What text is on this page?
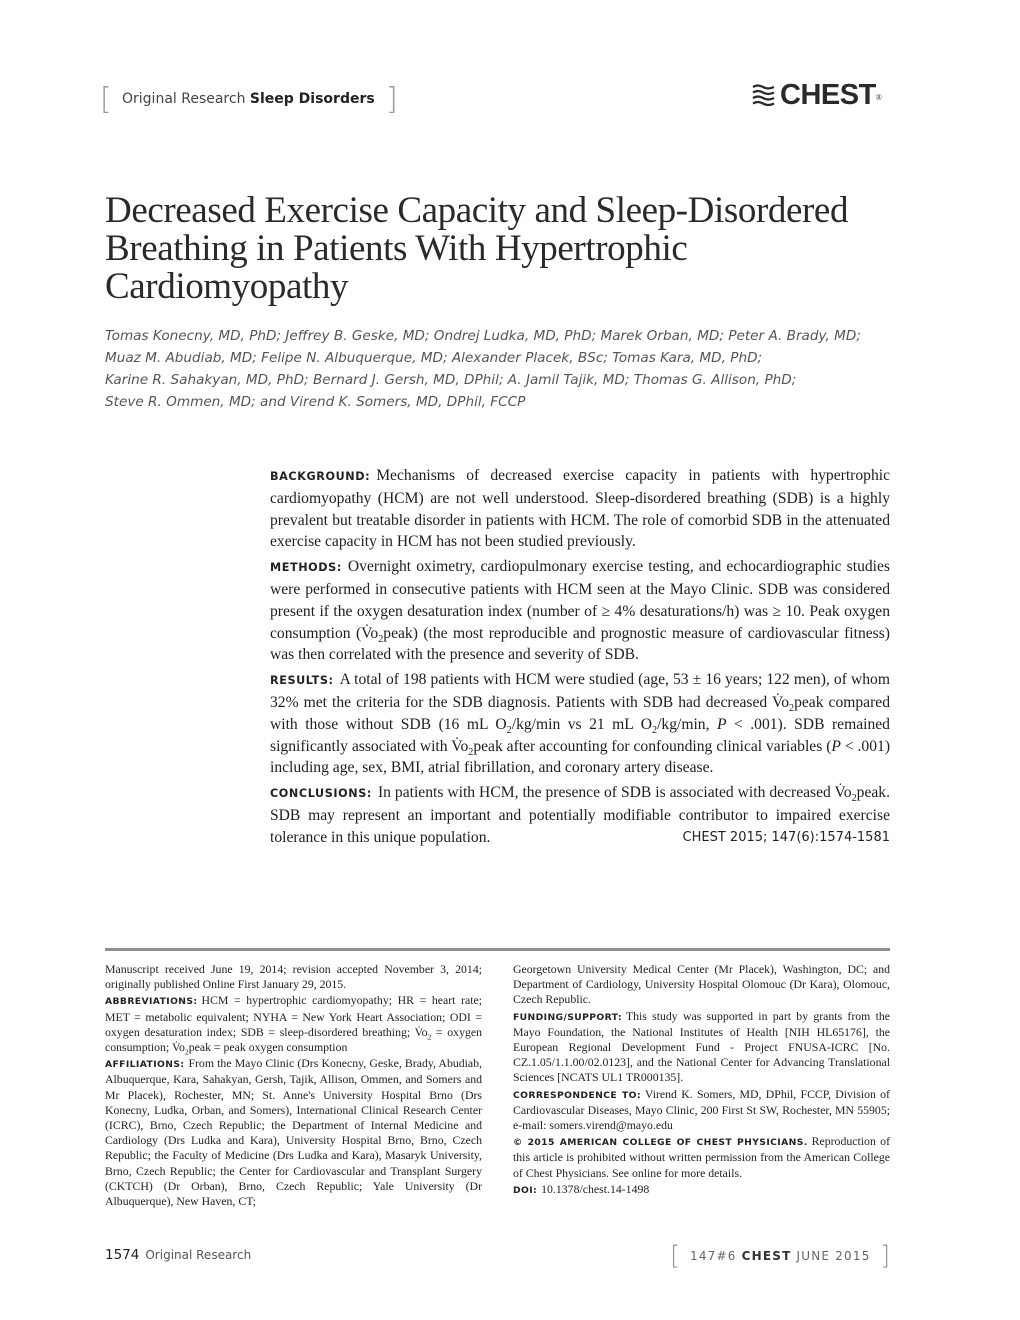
[ Original Research Sleep Disorders ]	CHEST ®
Decreased Exercise Capacity and Sleep-Disordered
Breathing in Patients With Hypertrophic
Cardiomyopathy
Tomas Konecny, MD, PhD; Jeffrey B. Geske, MD; Ondrej Ludka, MD, PhD; Marek Orban, MD; Peter A. Brady, MD;
Muaz M. Abudiab, MD; Felipe N. Albuquerque, MD; Alexander Placek, BSc; Tomas Kara, MD, PhD;
Karine R. Sahakyan, MD, PhD; Bernard J. Gersh, MD, DPhil; A. Jamil Tajik, MD; Thomas G. Allison, PhD;
Steve R. Ommen, MD; and Virend K. Somers, MD, DPhil, FCCP

BACKGROUND: Mechanisms of decreased exercise capacity in patients with hypertrophic cardiomyopathy (HCM) are not well understood. Sleep-disordered breathing (SDB) is a highly prevalent but treatable disorder in patients with HCM. The role of comorbid SDB in the attenuated exercise capacity in HCM has not been studied previously.

METHODS: Overnight oximetry, cardiopulmonary exercise testing, and echocardiographic studies were performed in consecutive patients with HCM seen at the Mayo Clinic. SDB was considered present if the oxygen desaturation index (number of ≥ 4% desaturations/h) was ≥ 10. Peak oxygen consumption $(V̇o_2peak)$ (the most reproducible and prognostic measure of cardiovascular fitness) was then correlated with the presence and severity of SDB.

RESULTS: A total of 198 patients with HCM were studied (age, 53 ± 16 years; 122 men), of whom 32% met the criteria for the SDB diagnosis. Patients with SDB had decreased $V̇o_2peak$ compared with those without SDB (16 mL $O_2/kg/\min$ vs 21 mL $O_2/kg/\min$, P < .001). SDB remained significantly associated with $V̇o_2peak$ after accounting for confounding clinical variables (P < .001) including age, sex, BMI, atrial fibrillation, and coronary artery disease.

CONCLUSIONS: In patients with HCM, the presence of SDB is associated with decreased $V̇o_2peak$. SDB may represent an important and potentially modifiable contributor to impaired exercise tolerance in this unique population.	CHEST 2015; 147(6):1574-1581

Manuscript received June 19, 2014; revision accepted November 3, 2014; originally published Online First January 29, 2015.

ABBREVIATIONS: HCM = hypertrophic cardiomyopathy; HR = heart rate; MET = metabolic equivalent; NYHA = New York Heart Association; ODI = oxygen desaturation index; SDB = sleep-disordered breathing; $V̇o_2$ = oxygen consumption; $V̇o_2peak$ = peak oxygen consumption

AFFILIATIONS: From the Mayo Clinic (Drs Konecny, Geske, Brady, Abudiab, Albuquerque, Kara, Sahakyan, Gersh, Tajik, Allison, Ommen, and Somers and Mr Placek), Rochester, MN; St. Anne's University Hospital Brno (Drs Konecny, Ludka, Orban, and Somers), International Clinical Research Center (ICRC), Brno, Czech Republic; the Department of Internal Medicine and Cardiology (Drs Ludka and Kara), University Hospital Brno, Brno, Czech Republic; the Faculty of Medicine (Drs Ludka and Kara), Masaryk University, Brno, Czech Republic; the Center for Cardiovascular and Transplant Surgery (CKTCH) (Dr Orban), Brno, Czech Republic; Yale University (Dr Albuquerque), New Haven, CT;

Georgetown University Medical Center (Mr Placek), Washington, DC; and Department of Cardiology, University Hospital Olomouc (Dr Kara), Olomouc, Czech Republic.

FUNDING/SUPPORT: This study was supported in part by grants from the Mayo Foundation, the National Institutes of Health [NIH HL65176], the European Regional Development Fund - Project FNUSA-ICRC [No. CZ.1.05/1.1.00/02.0123], and the National Center for Advancing Translational Sciences [NCATS UL1 TR000135].

CORRESPONDENCE TO: Virend K. Somers, MD, DPhil, FCCP, Division of Cardiovascular Diseases, Mayo Clinic, 200 First St SW, Rochester, MN 55905; e-mail: somers.virend@mayo.edu

© 2015 AMERICAN COLLEGE OF CHEST PHYSICIANS. Reproduction of this article is prohibited without written permission from the American College of Chest Physicians. See online for more details.

DOI: 10.1378/chest.14-1498

1574 Original Research	[ 147#6 CHEST JUNE 2015 ]
